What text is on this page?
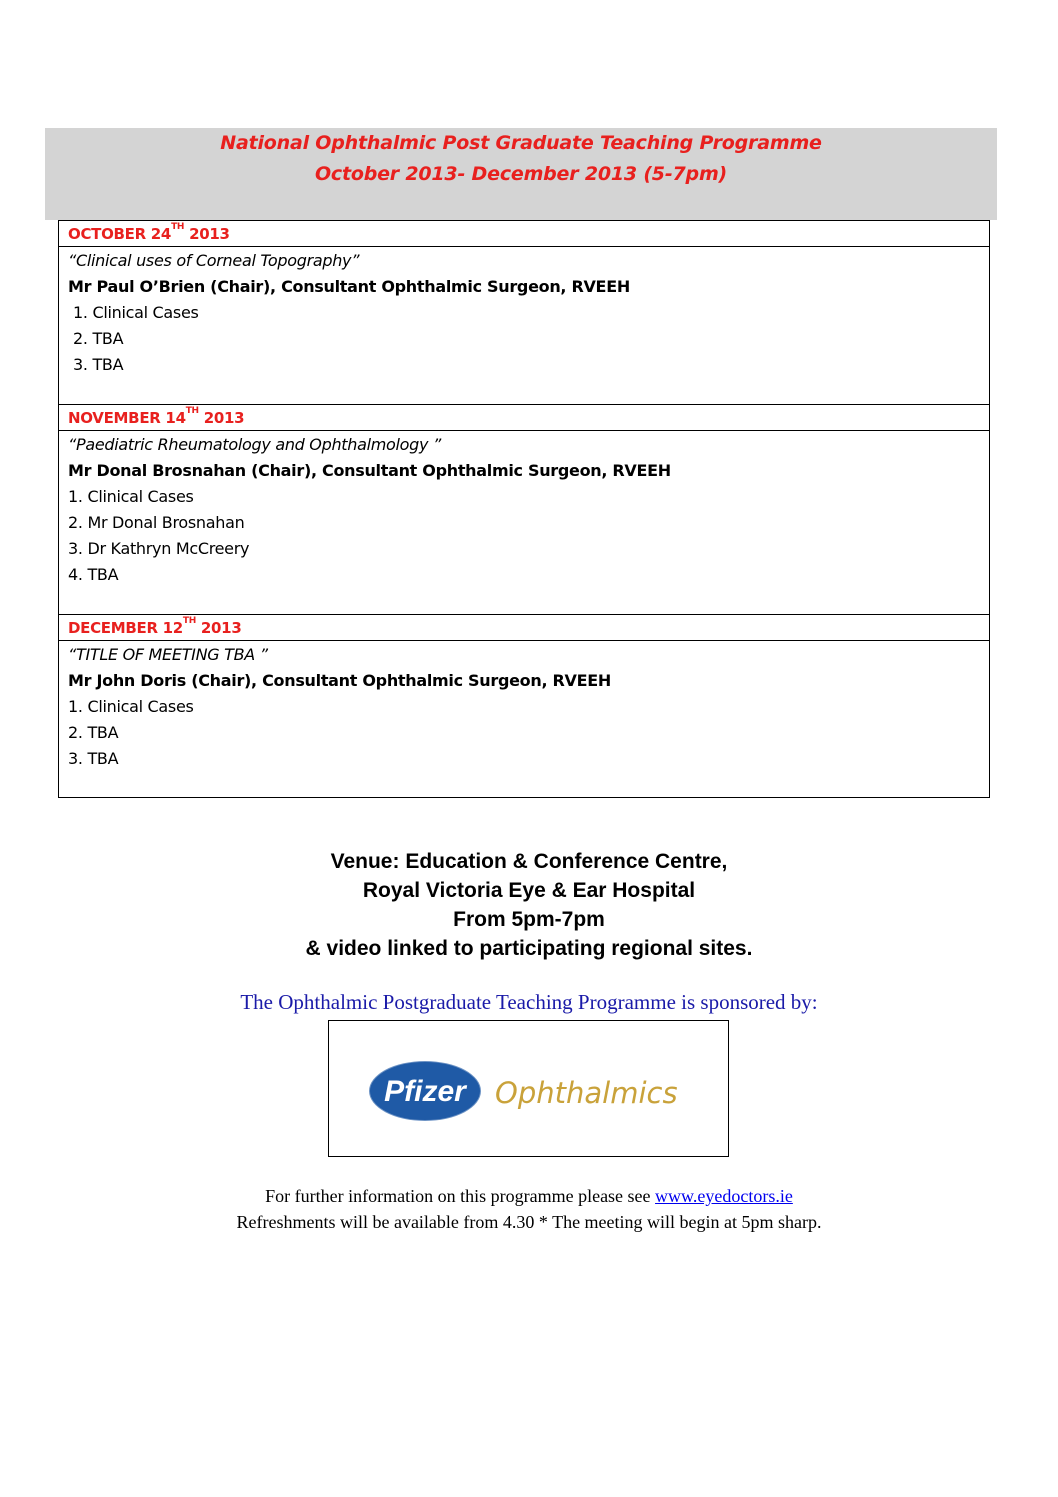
National Ophthalmic Post Graduate Teaching Programme
October 2013- December 2013 (5-7pm)
OCTOBER 24TH 2013
“Clinical uses of Corneal Topography”
Mr Paul O’Brien (Chair), Consultant Ophthalmic Surgeon, RVEEH
1. Clinical Cases
2. TBA
3. TBA
NOVEMBER 14TH 2013
“Paediatric Rheumatology and Ophthalmology ”
Mr Donal Brosnahan (Chair), Consultant Ophthalmic Surgeon, RVEEH
1. Clinical Cases
2. Mr Donal Brosnahan
3. Dr Kathryn McCreery
4. TBA
DECEMBER 12TH 2013
“TITLE OF MEETING TBA ”
Mr John Doris (Chair), Consultant Ophthalmic Surgeon, RVEEH
1. Clinical Cases
2. TBA
3. TBA
Venue: Education & Conference Centre,
Royal Victoria Eye & Ear Hospital
From 5pm-7pm
& video linked to participating regional sites.
The Ophthalmic Postgraduate Teaching Programme is sponsored by:
Pfizer Ophthalmics
For further information on this programme please see www.eyedoctors.ie
Refreshments will be available from 4.30 * The meeting will begin at 5pm sharp.
